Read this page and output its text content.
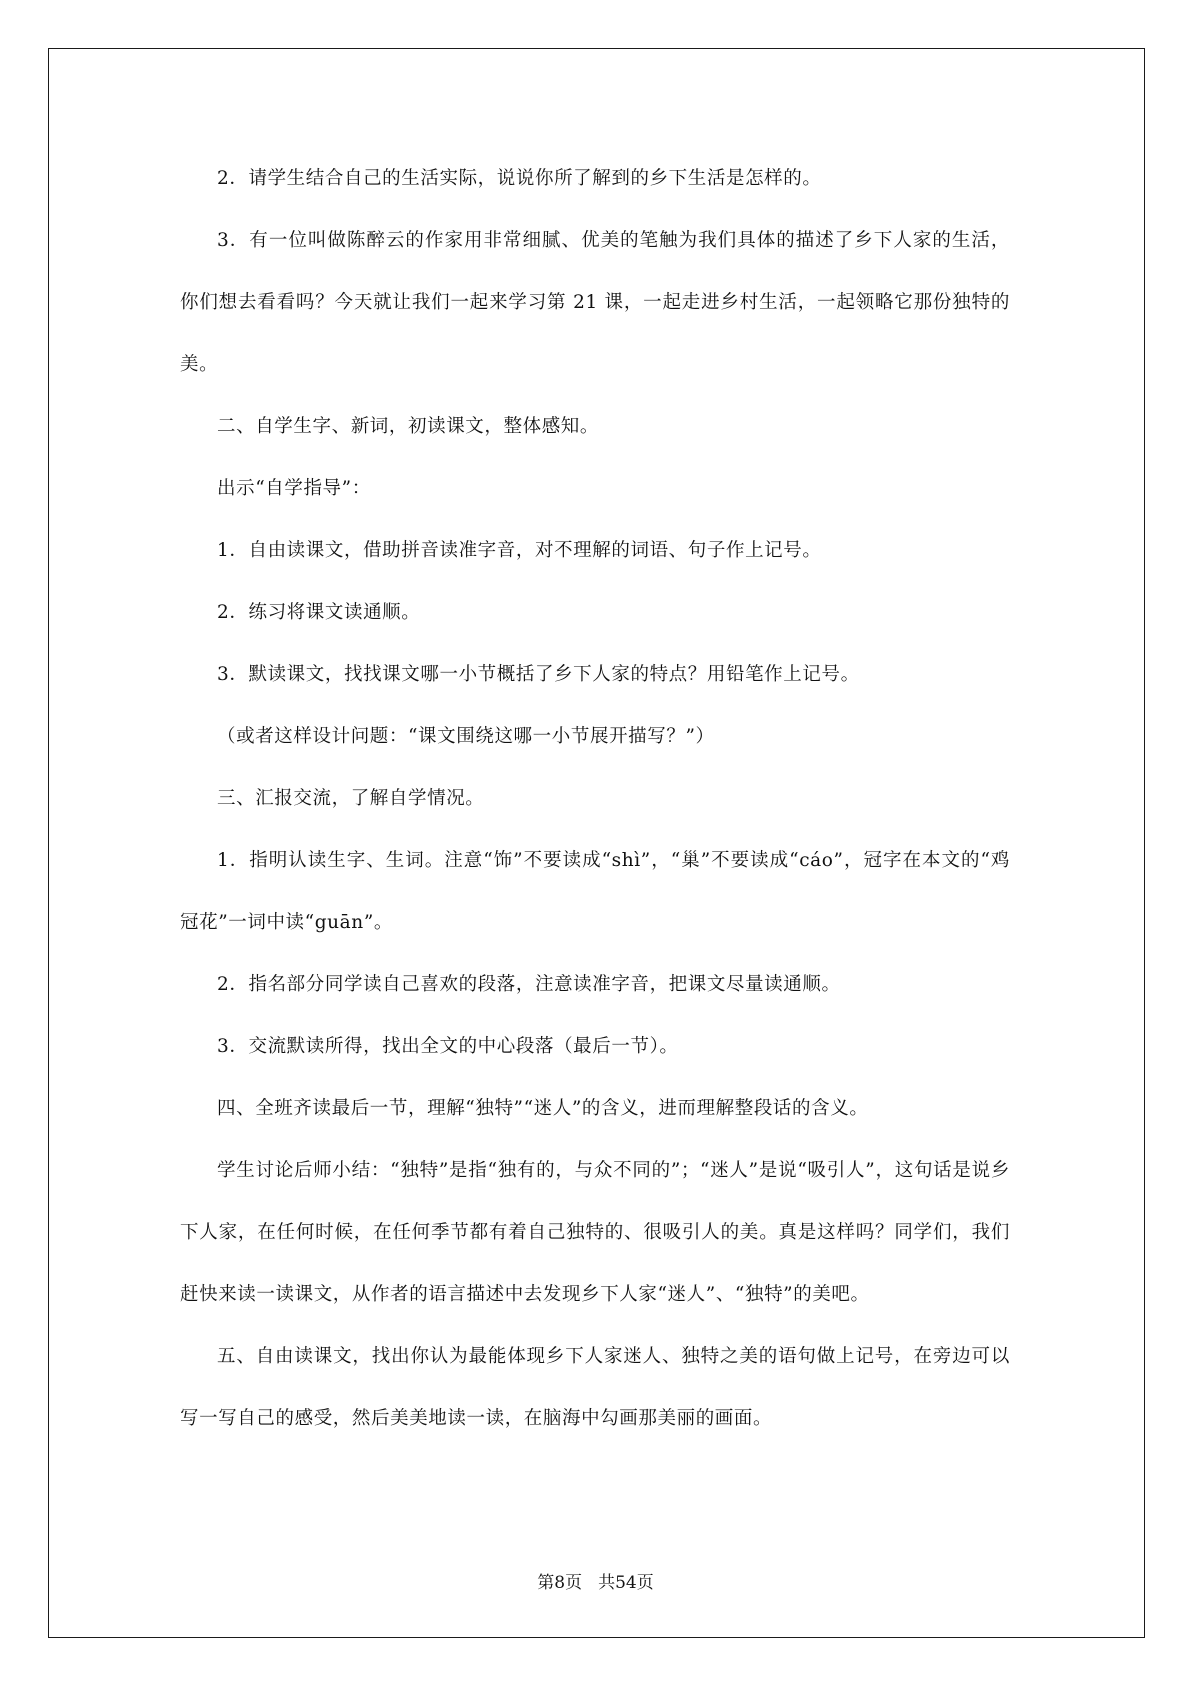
2．请学生结合自己的生活实际，说说你所了解到的乡下生活是怎样的。

3．有一位叫做陈醉云的作家用非常细腻、优美的笔触为我们具体的描述了乡下人家的生活，你们想去看看吗？今天就让我们一起来学习第 21 课，一起走进乡村生活，一起领略它那份独特的美。

二、自学生字、新词，初读课文，整体感知。

出示“自学指导”：

1．自由读课文，借助拼音读准字音，对不理解的词语、句子作上记号。

2．练习将课文读通顺。

3．默读课文，找找课文哪一小节概括了乡下人家的特点？用铅笔作上记号。

（或者这样设计问题：“课文围绕这哪一小节展开描写？”）

三、汇报交流，了解自学情况。

1．指明认读生字、生词。注意“饰”不要读成“shì”，“巢”不要读成“cáo”，冠字在本文的“鸡冠花”一词中读“guān”。

2．指名部分同学读自己喜欢的段落，注意读准字音，把课文尽量读通顺。

3．交流默读所得，找出全文的中心段落（最后一节）。

四、全班齐读最后一节，理解“独特”“迷人”的含义，进而理解整段话的含义。

学生讨论后师小结：“独特”是指“独有的，与众不同的”；“迷人”是说“吸引人”，这句话是说乡下人家，在任何时候，在任何季节都有着自己独特的、很吸引人的美。真是这样吗？同学们，我们赶快来读一读课文，从作者的语言描述中去发现乡下人家“迷人”、“独特”的美吧。

五、自由读课文，找出你认为最能体现乡下人家迷人、独特之美的语句做上记号，在旁边可以写一写自己的感受，然后美美地读一读，在脑海中勾画那美丽的画面。

第8页 共54页
